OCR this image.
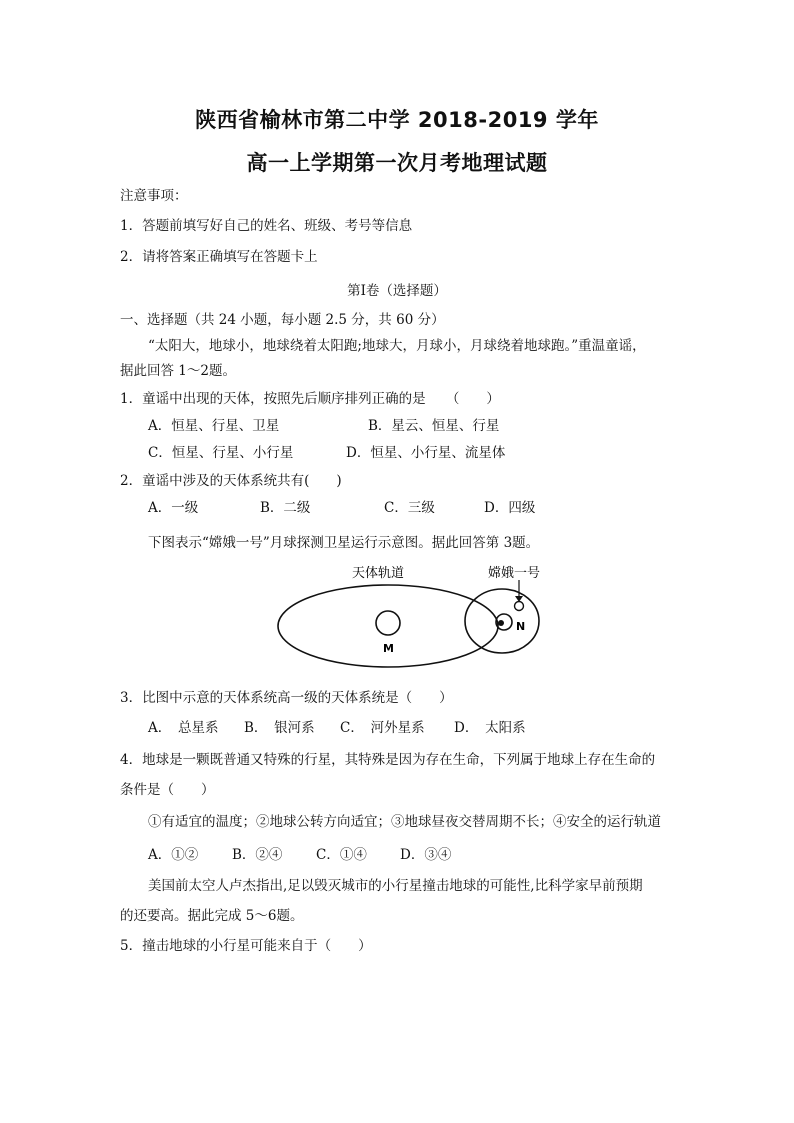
陕西省榆林市第二中学 2018-2019 学年
高一上学期第一次月考地理试题
注意事项：
1．答题前填写好自己的姓名、班级、考号等信息
2．请将答案正确填写在答题卡上
第Ⅰ卷（选择题）
一、选择题（共 24 小题，每小题 2.5 分，共 60 分）
“太阳大，地球小，地球绕着太阳跑;地球大，月球小，月球绕着地球跑。”重温童谣，
据此回答 1～2题。
1．童谣中出现的天体，按照先后顺序排列正确的是　　（　　）
A．恒星、行星、卫星	B．星云、恒星、行星
C．恒星、行星、小行星	D．恒星、小行星、流星体
2．童谣中涉及的天体系统共有(　　)
A．一级	B．二级	C．三级	D．四级
下图表示“嫦娥一号”月球探测卫星运行示意图。据此回答第 3题。
M
N
天体轨道	嫦娥一号
3．比图中示意的天体系统高一级的天体系统是（　　）
A．　总星系 B．　银河系 C．　河外星系 D．　太阳系
4．地球是一颗既普通又特殊的行星，其特殊是因为存在生命，下列属于地球上存在生命的
条件是（　　）
①有适宜的温度；②地球公转方向适宜；③地球昼夜交替周期不长；④安全的运行轨道
A．①②	B．②④ C．①④ D．③④
美国前太空人卢杰指出,足以毁灭城市的小行星撞击地球的可能性,比科学家早前预期
的还要高。据此完成 5～6题。
5．撞击地球的小行星可能来自于（　　）
